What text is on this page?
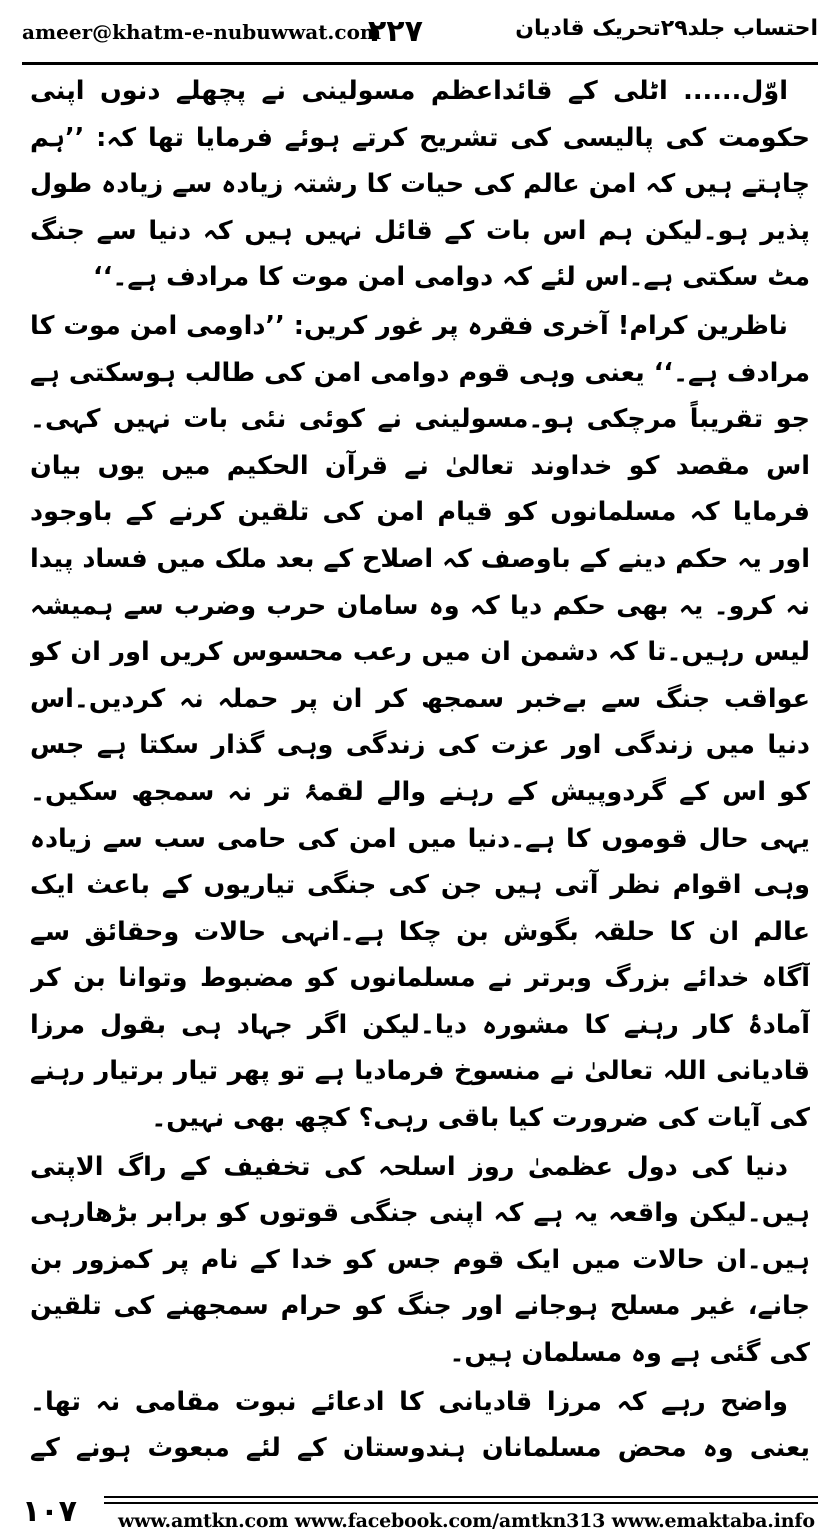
ameer@khatm-e-nubuwwat.com
۲۲۷	احتساب جلد۲۹تحریک قادیان

اوّل...... اٹلی کے قائداعظم مسولینی نے پچھلے دنوں اپنی حکومت کی پالیسی کی تشریح کرتے ہوئے فرمایا تھا کہ: ’’ہم چاہتے ہیں کہ امن عالم کی حیات کا رشتہ زیادہ سے زیادہ طول پذیر ہو۔لیکن ہم اس بات کے قائل نہیں ہیں کہ دنیا سے جنگ مٹ سکتی ہے۔اس لئے کہ دوامی امن موت کا مرادف ہے۔‘‘

ناظرین کرام! آخری فقرہ پر غور کریں: ’’داومی امن موت کا مرادف ہے۔‘‘ یعنی وہی قوم دوامی امن کی طالب ہوسکتی ہے جو تقریباً مرچکی ہو۔مسولینی نے کوئی نئی بات نہیں کہی۔ اس مقصد کو خداوند تعالیٰ نے قرآن الحکیم میں یوں بیان فرمایا کہ مسلمانوں کو قیام امن کی تلقین کرنے کے باوجود اور یہ حکم دینے کے باوصف کہ اصلاح کے بعد ملک میں فساد پیدا نہ کرو۔ یہ بھی حکم دیا کہ وہ سامان حرب وضرب سے ہمیشہ لیس رہیں۔تا کہ دشمن ان میں رعب محسوس کریں اور ان کو عواقب جنگ سے بےخبر سمجھ کر ان پر حملہ نہ کردیں۔اس دنیا میں زندگی اور عزت کی زندگی وہی گذار سکتا ہے جس کو اس کے گردوپیش کے رہنے والے لقمۂ تر نہ سمجھ سکیں۔یہی حال قوموں کا ہے۔دنیا میں امن کی حامی سب سے زیادہ وہی اقوام نظر آتی ہیں جن کی جنگی تیاریوں کے باعث ایک عالم ان کا حلقہ بگوش بن چکا ہے۔انہی حالات وحقائق سے آگاہ خدائے بزرگ وبرتر نے مسلمانوں کو مضبوط وتوانا بن کر آمادۂ کار رہنے کا مشورہ دیا۔لیکن اگر جہاد ہی بقول مرزا قادیانی اللہ تعالیٰ نے منسوخ فرمادیا ہے تو پھر تیار برتیار رہنے کی آیات کی ضرورت کیا باقی رہی؟ کچھ بھی نہیں۔

دنیا کی دول عظمیٰ روز اسلحہ کی تخفیف کے راگ الاپتی ہیں۔لیکن واقعہ یہ ہے کہ اپنی جنگی قوتوں کو برابر بڑھارہی ہیں۔ان حالات میں ایک قوم جس کو خدا کے نام پر کمزور بن جانے، غیر مسلح ہوجانے اور جنگ کو حرام سمجھنے کی تلقین کی گئی ہے وہ مسلمان ہیں۔

واضح رہے کہ مرزا قادیانی کا ادعائے نبوت مقامی نہ تھا۔یعنی وہ محض مسلمانان ہندوستان کے لئے مبعوث ہونے کے

۱۰۷ www.amtkn.com www.facebook.com/amtkn313 www.emaktaba.info
